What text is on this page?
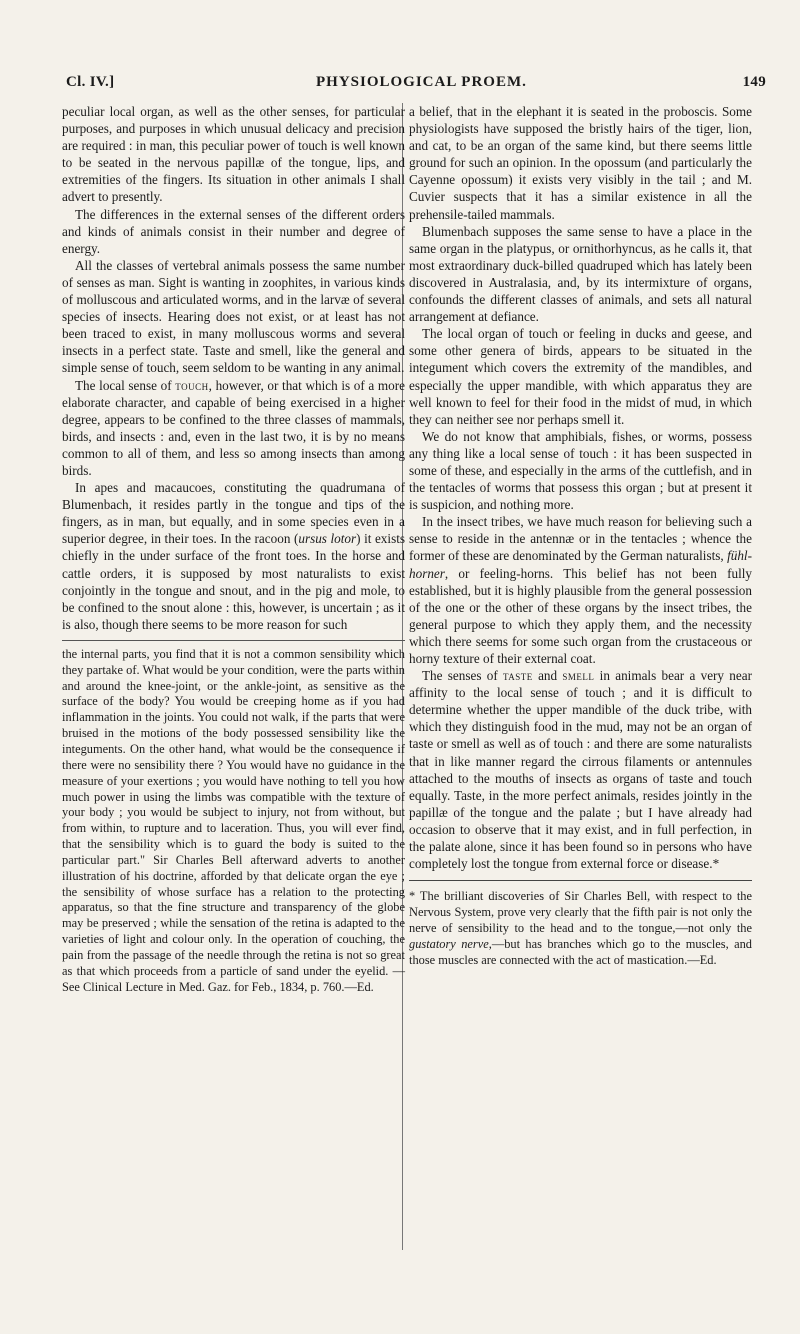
Cl. IV.]	PHYSIOLOGICAL PROEM.	149

peculiar local organ, as well as the other senses, for particular purposes, and purposes in which unusual delicacy and precision are required : in man, this peculiar power of touch is well known to be seated in the nervous papillæ of the tongue, lips, and extremities of the fingers. Its situation in other animals I shall advert to presently.

The differences in the external senses of the different orders and kinds of animals consist in their number and degree of energy.

All the classes of vertebral animals possess the same number of senses as man. Sight is wanting in zoophites, in various kinds of molluscous and articulated worms, and in the larvæ of several species of insects. Hearing does not exist, or at least has not been traced to exist, in many molluscous worms and several insects in a perfect state. Taste and smell, like the general and simple sense of touch, seem seldom to be wanting in any animal.

The local sense of touch, however, or that which is of a more elaborate character, and capable of being exercised in a higher degree, appears to be confined to the three classes of mammals, birds, and insects : and, even in the last two, it is by no means common to all of them, and less so among insects than among birds.

In apes and macaucoes, constituting the quadrumana of Blumenbach, it resides partly in the tongue and tips of the fingers, as in man, but equally, and in some species even in a superior degree, in their toes. In the racoon (ursus lotor) it exists chiefly in the under surface of the front toes. In the horse and cattle orders, it is supposed by most naturalists to exist conjointly in the tongue and snout, and in the pig and mole, to be confined to the snout alone : this, however, is uncertain ; as it is also, though there seems to be more reason for such

the internal parts, you find that it is not a common sensibility which they partake of. What would be your condition, were the parts within and around the knee-joint, or the ankle-joint, as sensitive as the surface of the body? You would be creeping home as if you had inflammation in the joints. You could not walk, if the parts that were bruised in the motions of the body possessed sensibility like the integuments. On the other hand, what would be the consequence if there were no sensibility there ? You would have no guidance in the measure of your exertions ; you would have nothing to tell you how much power in using the limbs was compatible with the texture of your body ; you would be subject to injury, not from without, but from within, to rupture and to laceration. Thus, you will ever find, that the sensibility which is to guard the body is suited to the particular part." Sir Charles Bell afterward adverts to another illustration of his doctrine, afforded by that delicate organ the eye ; the sensibility of whose surface has a relation to the protecting apparatus, so that the fine structure and transparency of the globe may be preserved ; while the sensation of the retina is adapted to the varieties of light and colour only. In the operation of couching, the pain from the passage of the needle through the retina is not so great as that which proceeds from a particle of sand under the eyelid. —See Clinical Lecture in Med. Gaz. for Feb., 1834, p. 760.—Ed.

a belief, that in the elephant it is seated in the proboscis. Some physiologists have supposed the bristly hairs of the tiger, lion, and cat, to be an organ of the same kind, but there seems little ground for such an opinion. In the opossum (and particularly the Cayenne opossum) it exists very visibly in the tail ; and M. Cuvier suspects that it has a similar existence in all the prehensile-tailed mammals.

Blumenbach supposes the same sense to have a place in the same organ in the platypus, or ornithorhyncus, as he calls it, that most extraordinary duck-billed quadruped which has lately been discovered in Australasia, and, by its intermixture of organs, confounds the different classes of animals, and sets all natural arrangement at defiance.

The local organ of touch or feeling in ducks and geese, and some other genera of birds, appears to be situated in the integument which covers the extremity of the mandibles, and especially the upper mandible, with which apparatus they are well known to feel for their food in the midst of mud, in which they can neither see nor perhaps smell it.

We do not know that amphibials, fishes, or worms, possess any thing like a local sense of touch : it has been suspected in some of these, and especially in the arms of the cuttlefish, and in the tentacles of worms that possess this organ ; but at present it is suspicion, and nothing more.

In the insect tribes, we have much reason for believing such a sense to reside in the antennæ or in the tentacles ; whence the former of these are denominated by the German naturalists, fühl-horner, or feeling-horns. This belief has not been fully established, but it is highly plausible from the general possession of the one or the other of these organs by the insect tribes, the general purpose to which they apply them, and the necessity which there seems for some such organ from the crustaceous or horny texture of their external coat.

The senses of taste and smell in animals bear a very near affinity to the local sense of touch ; and it is difficult to determine whether the upper mandible of the duck tribe, with which they distinguish food in the mud, may not be an organ of taste or smell as well as of touch : and there are some naturalists that in like manner regard the cirrous filaments or antennules attached to the mouths of insects as organs of taste and touch equally. Taste, in the more perfect animals, resides jointly in the papillæ of the tongue and the palate ; but I have already had occasion to observe that it may exist, and in full perfection, in the palate alone, since it has been found so in persons who have completely lost the tongue from external force or disease.*

* The brilliant discoveries of Sir Charles Bell, with respect to the Nervous System, prove very clearly that the fifth pair is not only the nerve of sensibility to the head and to the tongue,—not only the gustatory nerve,—but has branches which go to the muscles, and those muscles are connected with the act of mastication.—Ed.
